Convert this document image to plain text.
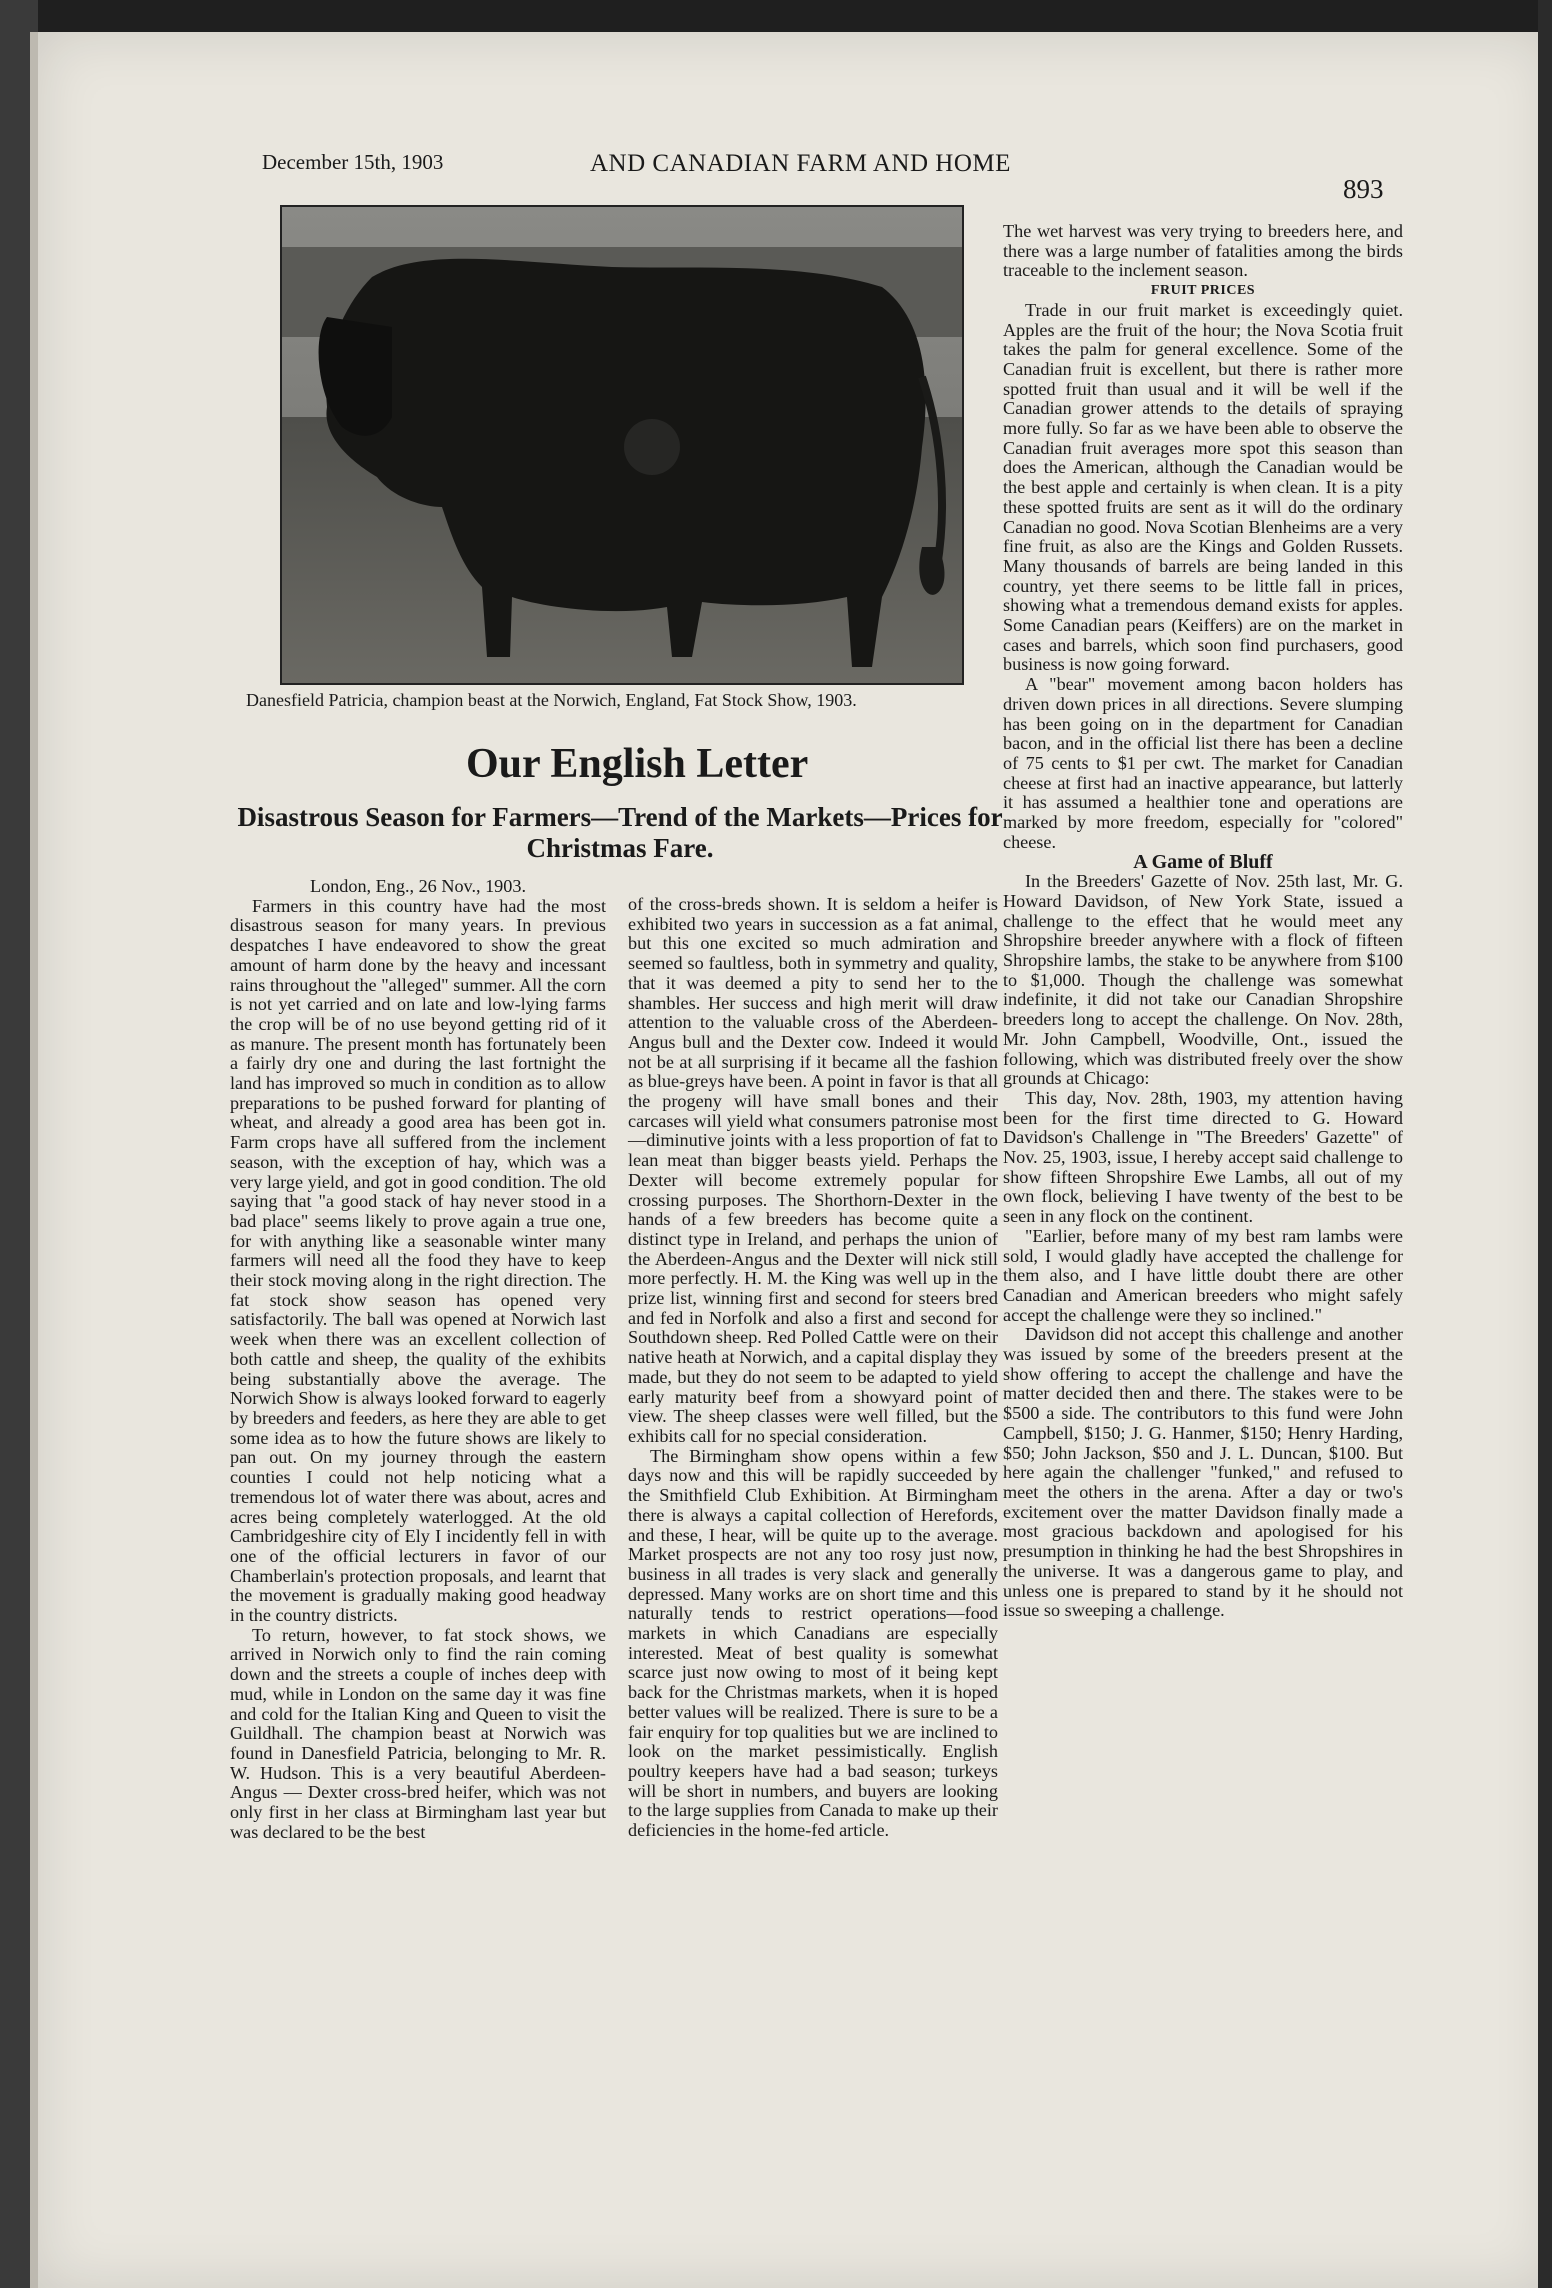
December 15th, 1903	AND CANADIAN FARM AND HOME
893
Danesfield Patricia, champion beast at the Norwich, England, Fat Stock Show, 1903.
Our English Letter
Disastrous Season for Farmers—Trend of the Markets—Prices for Christmas Fare.

London, Eng., 26 Nov., 1903.

Farmers in this country have had the most disastrous season for many years. In previous despatches I have endeavored to show the great amount of harm done by the heavy and incessant rains throughout the "alleged" summer. All the corn is not yet carried and on late and low-lying farms the crop will be of no use beyond getting rid of it as manure. The present month has fortunately been a fairly dry one and during the last fortnight the land has improved so much in condition as to allow preparations to be pushed forward for planting of wheat, and already a good area has been got in. Farm crops have all suffered from the inclement season, with the exception of hay, which was a very large yield, and got in good condition. The old saying that "a good stack of hay never stood in a bad place" seems likely to prove again a true one, for with anything like a seasonable winter many farmers will need all the food they have to keep their stock moving along in the right direction. The fat stock show season has opened very satisfactorily. The ball was opened at Norwich last week when there was an excellent collection of both cattle and sheep, the quality of the exhibits being substantially above the average. The Norwich Show is always looked forward to eagerly by breeders and feeders, as here they are able to get some idea as to how the future shows are likely to pan out. On my journey through the eastern counties I could not help noticing what a tremendous lot of water there was about, acres and acres being completely waterlogged. At the old Cambridgeshire city of Ely I incidently fell in with one of the official lecturers in favor of our Chamberlain's protection proposals, and learnt that the movement is gradually making good headway in the country districts.

To return, however, to fat stock shows, we arrived in Norwich only to find the rain coming down and the streets a couple of inches deep with mud, while in London on the same day it was fine and cold for the Italian King and Queen to visit the Guildhall. The champion beast at Norwich was found in Danesfield Patricia, belonging to Mr. R. W. Hudson. This is a very beautiful Aberdeen-Angus — Dexter cross-bred heifer, which was not only first in her class at Birmingham last year but was declared to be the best

of the cross-breds shown. It is seldom a heifer is exhibited two years in succession as a fat animal, but this one excited so much admiration and seemed so faultless, both in symmetry and quality, that it was deemed a pity to send her to the shambles. Her success and high merit will draw attention to the valuable cross of the Aberdeen-Angus bull and the Dexter cow. Indeed it would not be at all surprising if it became all the fashion as blue-greys have been. A point in favor is that all the progeny will have small bones and their carcases will yield what consumers patronise most—diminutive joints with a less proportion of fat to lean meat than bigger beasts yield. Perhaps the Dexter will become extremely popular for crossing purposes. The Shorthorn-Dexter in the hands of a few breeders has become quite a distinct type in Ireland, and perhaps the union of the Aberdeen-Angus and the Dexter will nick still more perfectly. H. M. the King was well up in the prize list, winning first and second for steers bred and fed in Norfolk and also a first and second for Southdown sheep. Red Polled Cattle were on their native heath at Norwich, and a capital display they made, but they do not seem to be adapted to yield early maturity beef from a showyard point of view. The sheep classes were well filled, but the exhibits call for no special consideration.

The Birmingham show opens within a few days now and this will be rapidly succeeded by the Smithfield Club Exhibition. At Birmingham there is always a capital collection of Herefords, and these, I hear, will be quite up to the average. Market prospects are not any too rosy just now, business in all trades is very slack and generally depressed. Many works are on short time and this naturally tends to restrict operations—food markets in which Canadians are especially interested. Meat of best quality is somewhat scarce just now owing to most of it being kept back for the Christmas markets, when it is hoped better values will be realized. There is sure to be a fair enquiry for top qualities but we are inclined to look on the market pessimistically. English poultry keepers have had a bad season; turkeys will be short in numbers, and buyers are looking to the large supplies from Canada to make up their deficiencies in the home-fed article.

The wet harvest was very trying to breeders here, and there was a large number of fatalities among the birds traceable to the inclement season.

FRUIT PRICES

Trade in our fruit market is exceedingly quiet. Apples are the fruit of the hour; the Nova Scotia fruit takes the palm for general excellence. Some of the Canadian fruit is excellent, but there is rather more spotted fruit than usual and it will be well if the Canadian grower attends to the details of spraying more fully. So far as we have been able to observe the Canadian fruit averages more spot this season than does the American, although the Canadian would be the best apple and certainly is when clean. It is a pity these spotted fruits are sent as it will do the ordinary Canadian no good. Nova Scotian Blenheims are a very fine fruit, as also are the Kings and Golden Russets. Many thousands of barrels are being landed in this country, yet there seems to be little fall in prices, showing what a tremendous demand exists for apples. Some Canadian pears (Keiffers) are on the market in cases and barrels, which soon find purchasers, good business is now going forward.

A "bear" movement among bacon holders has driven down prices in all directions. Severe slumping has been going on in the department for Canadian bacon, and in the official list there has been a decline of 75 cents to $1 per cwt. The market for Canadian cheese at first had an inactive appearance, but latterly it has assumed a healthier tone and operations are marked by more freedom, especially for "colored" cheese.

A Game of Bluff

In the Breeders' Gazette of Nov. 25th last, Mr. G. Howard Davidson, of New York State, issued a challenge to the effect that he would meet any Shropshire breeder anywhere with a flock of fifteen Shropshire lambs, the stake to be anywhere from $100 to $1,000. Though the challenge was somewhat indefinite, it did not take our Canadian Shropshire breeders long to accept the challenge. On Nov. 28th, Mr. John Campbell, Woodville, Ont., issued the following, which was distributed freely over the show grounds at Chicago:

This day, Nov. 28th, 1903, my attention having been for the first time directed to G. Howard Davidson's Challenge in "The Breeders' Gazette" of Nov. 25, 1903, issue, I hereby accept said challenge to show fifteen Shropshire Ewe Lambs, all out of my own flock, believing I have twenty of the best to be seen in any flock on the continent.

"Earlier, before many of my best ram lambs were sold, I would gladly have accepted the challenge for them also, and I have little doubt there are other Canadian and American breeders who might safely accept the challenge were they so inclined."

Davidson did not accept this challenge and another was issued by some of the breeders present at the show offering to accept the challenge and have the matter decided then and there. The stakes were to be $500 a side. The contributors to this fund were John Campbell, $150; J. G. Hanmer, $150; Henry Harding, $50; John Jackson, $50 and J. L. Duncan, $100. But here again the challenger "funked," and refused to meet the others in the arena. After a day or two's excitement over the matter Davidson finally made a most gracious backdown and apologised for his presumption in thinking he had the best Shropshires in the universe. It was a dangerous game to play, and unless one is prepared to stand by it he should not issue so sweeping a challenge.
